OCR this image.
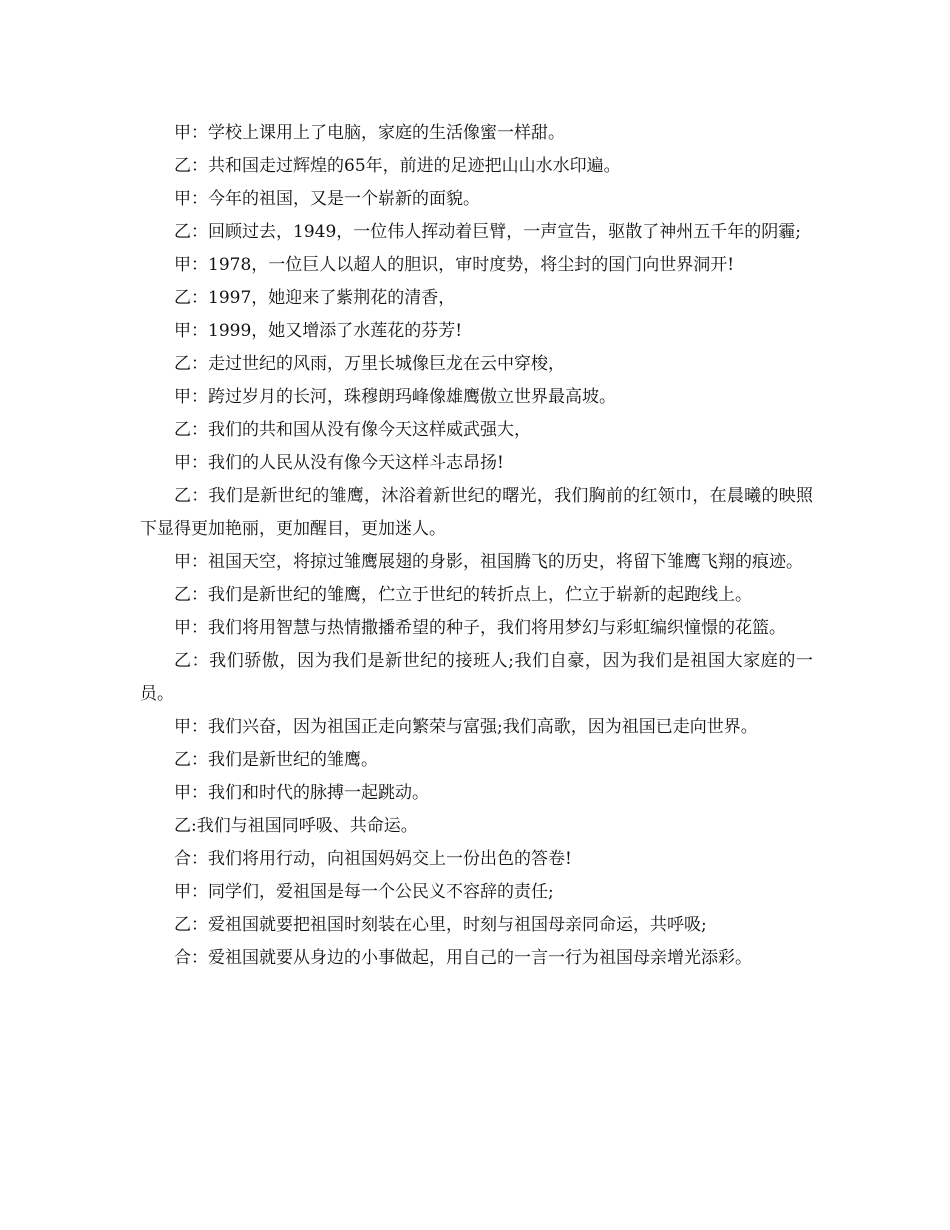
甲：学校上课用上了电脑，家庭的生活像蜜一样甜。

乙：共和国走过辉煌的65年，前进的足迹把山山水水印遍。

甲：今年的祖国，又是一个崭新的面貌。

乙：回顾过去，1949，一位伟人挥动着巨臂，一声宣告，驱散了神州五千年的阴霾;

甲：1978，一位巨人以超人的胆识，审时度势，将尘封的国门向世界洞开!

乙：1997，她迎来了紫荆花的清香，

甲：1999，她又增添了水莲花的芬芳!

乙：走过世纪的风雨，万里长城像巨龙在云中穿梭，

甲：跨过岁月的长河，珠穆朗玛峰像雄鹰傲立世界最高坡。

乙：我们的共和国从没有像今天这样威武强大，

甲：我们的人民从没有像今天这样斗志昂扬!

乙：我们是新世纪的雏鹰，沐浴着新世纪的曙光，我们胸前的红领巾，在晨曦的映照下显得更加艳丽，更加醒目，更加迷人。

甲：祖国天空，将掠过雏鹰展翅的身影，祖国腾飞的历史，将留下雏鹰飞翔的痕迹。

乙：我们是新世纪的雏鹰，伫立于世纪的转折点上，伫立于崭新的起跑线上。

甲：我们将用智慧与热情撒播希望的种子，我们将用梦幻与彩虹编织憧憬的花篮。

乙：我们骄傲，因为我们是新世纪的接班人;我们自豪，因为我们是祖国大家庭的一员。

甲：我们兴奋，因为祖国正走向繁荣与富强;我们高歌，因为祖国已走向世界。

乙：我们是新世纪的雏鹰。

甲：我们和时代的脉搏一起跳动。

乙:我们与祖国同呼吸、共命运。

合：我们将用行动，向祖国妈妈交上一份出色的答卷!

甲：同学们，爱祖国是每一个公民义不容辞的责任;

乙：爱祖国就要把祖国时刻装在心里，时刻与祖国母亲同命运，共呼吸;

合：爱祖国就要从身边的小事做起，用自己的一言一行为祖国母亲增光添彩。
